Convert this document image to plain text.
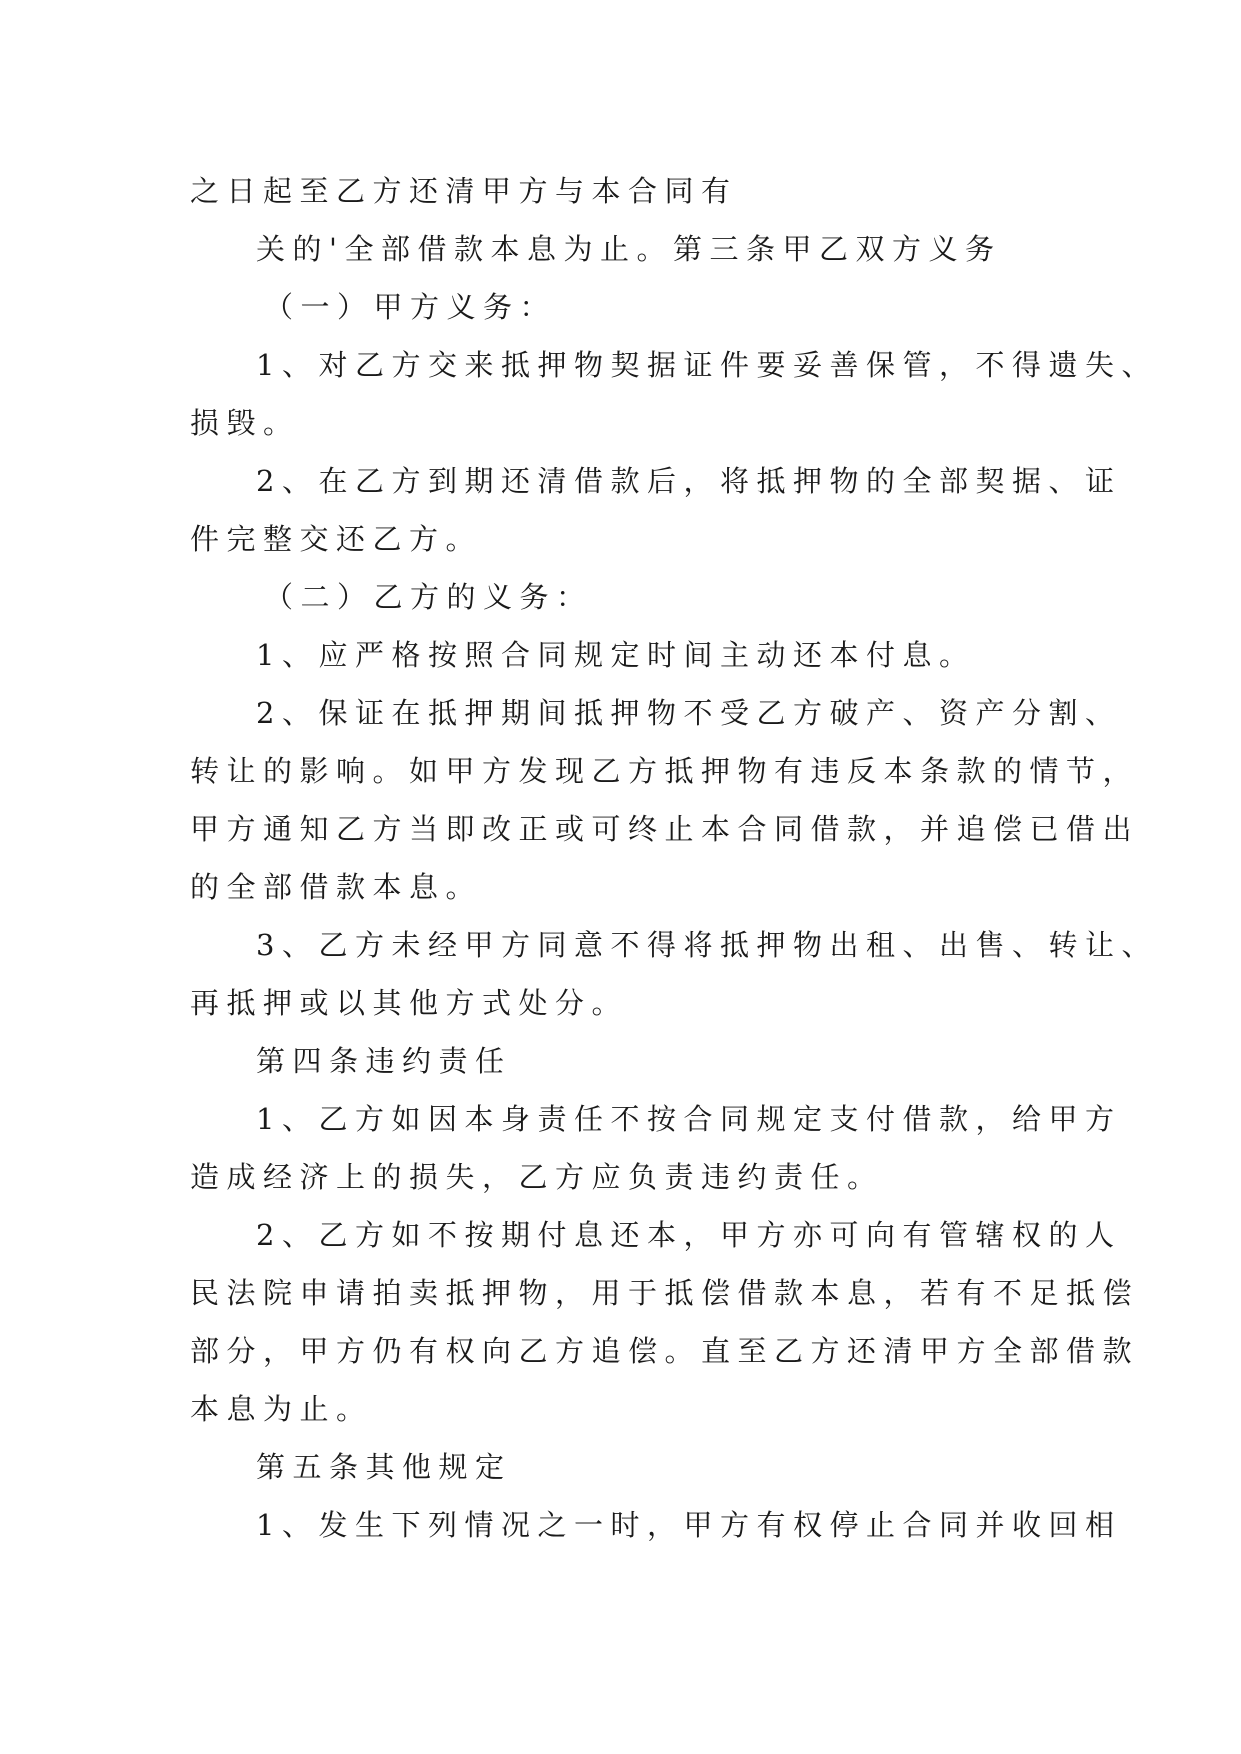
之日起至乙方还清甲方与本合同有
关的'全部借款本息为止。第三条甲乙双方义务
（一）甲方义务：
1、对乙方交来抵押物契据证件要妥善保管，不得遗失、
损毁。
2、在乙方到期还清借款后，将抵押物的全部契据、证
件完整交还乙方。
（二）乙方的义务：
1、应严格按照合同规定时间主动还本付息。
2、保证在抵押期间抵押物不受乙方破产、资产分割、
转让的影响。如甲方发现乙方抵押物有违反本条款的情节，
甲方通知乙方当即改正或可终止本合同借款，并追偿已借出
的全部借款本息。
3、乙方未经甲方同意不得将抵押物出租、出售、转让、
再抵押或以其他方式处分。
第四条违约责任
1、乙方如因本身责任不按合同规定支付借款，给甲方
造成经济上的损失，乙方应负责违约责任。
2、乙方如不按期付息还本，甲方亦可向有管辖权的人
民法院申请拍卖抵押物，用于抵偿借款本息，若有不足抵偿
部分，甲方仍有权向乙方追偿。直至乙方还清甲方全部借款
本息为止。
第五条其他规定
1、发生下列情况之一时，甲方有权停止合同并收回相
